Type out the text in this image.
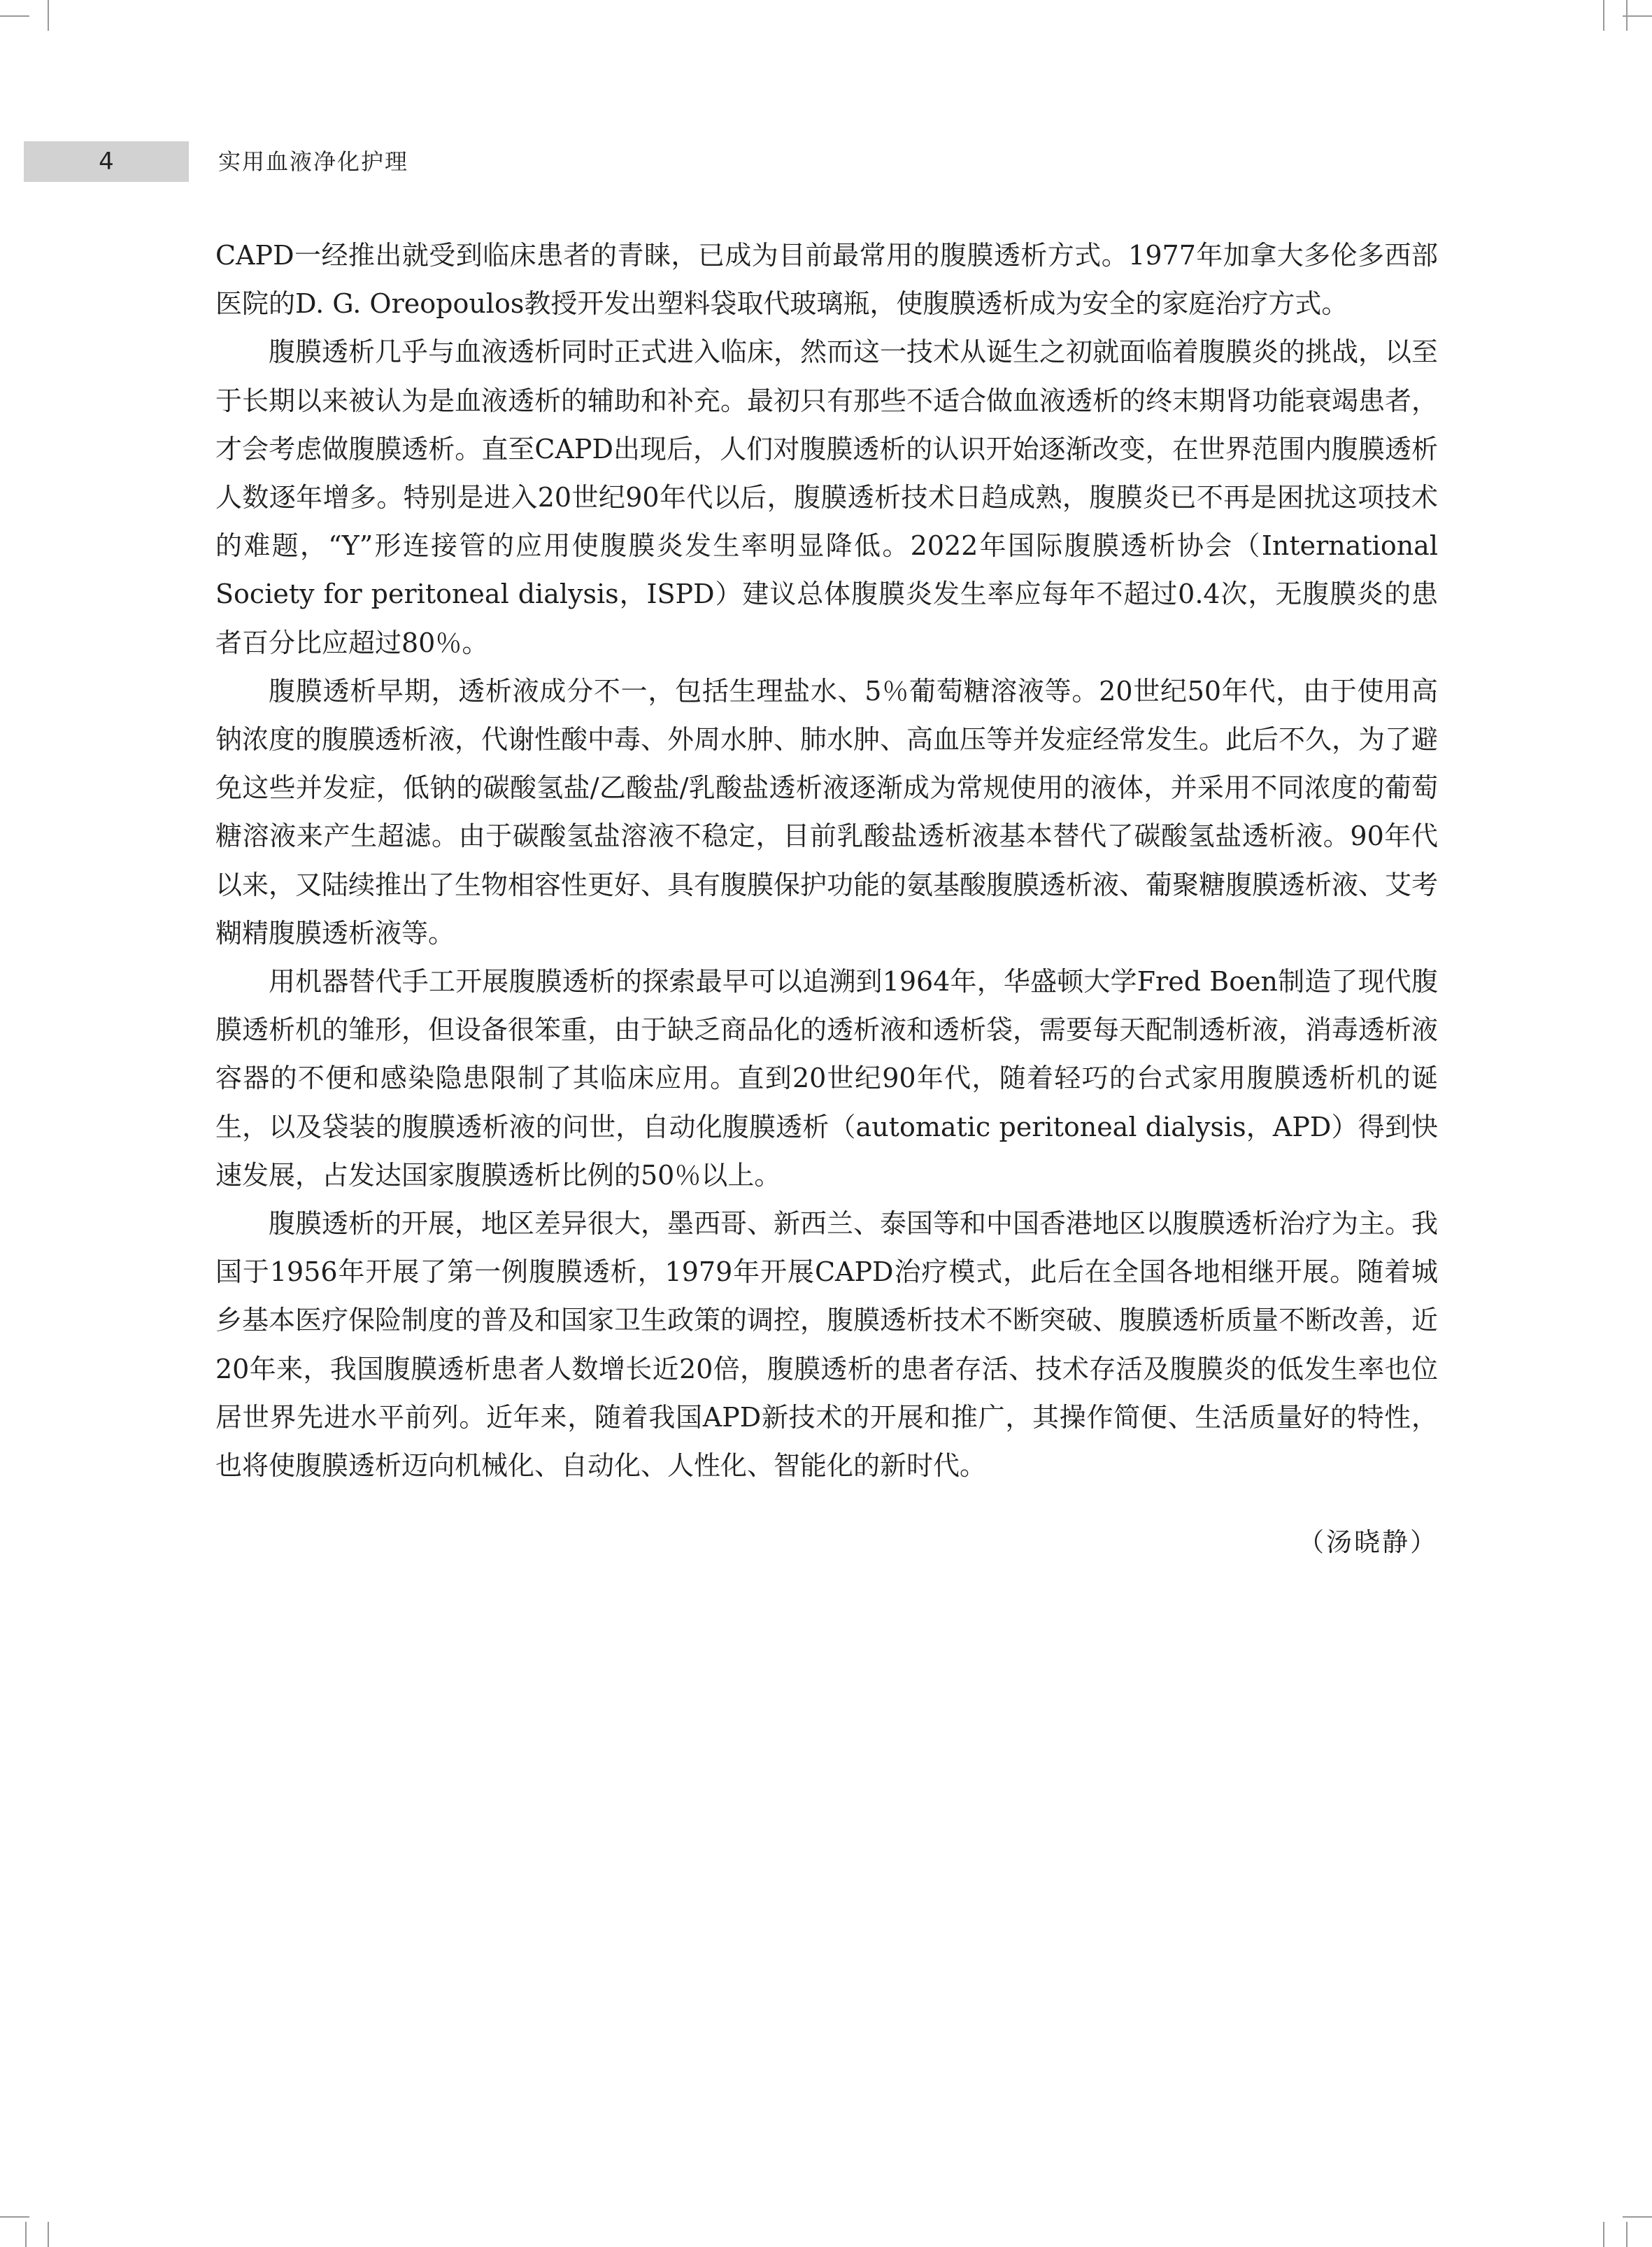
4	实用血液净化护理

CAPD一经推出就受到临床患者的青睐，已成为目前最常用的腹膜透析方式。1977年加拿大多伦多西部医院的D. G. Oreopoulos教授开发出塑料袋取代玻璃瓶，使腹膜透析成为安全的家庭治疗方式。

腹膜透析几乎与血液透析同时正式进入临床，然而这一技术从诞生之初就面临着腹膜炎的挑战，以至于长期以来被认为是血液透析的辅助和补充。最初只有那些不适合做血液透析的终末期肾功能衰竭患者，才会考虑做腹膜透析。直至CAPD出现后，人们对腹膜透析的认识开始逐渐改变，在世界范围内腹膜透析人数逐年增多。特别是进入20世纪90年代以后，腹膜透析技术日趋成熟，腹膜炎已不再是困扰这项技术的难题，“Y”形连接管的应用使腹膜炎发生率明显降低。2022年国际腹膜透析协会（International Society for peritoneal dialysis，ISPD）建议总体腹膜炎发生率应每年不超过0.4次，无腹膜炎的患者百分比应超过80％。

腹膜透析早期，透析液成分不一，包括生理盐水、5％葡萄糖溶液等。20世纪50年代，由于使用高钠浓度的腹膜透析液，代谢性酸中毒、外周水肿、肺水肿、高血压等并发症经常发生。此后不久，为了避免这些并发症，低钠的碳酸氢盐/乙酸盐/乳酸盐透析液逐渐成为常规使用的液体，并采用不同浓度的葡萄糖溶液来产生超滤。由于碳酸氢盐溶液不稳定，目前乳酸盐透析液基本替代了碳酸氢盐透析液。90年代以来，又陆续推出了生物相容性更好、具有腹膜保护功能的氨基酸腹膜透析液、葡聚糖腹膜透析液、艾考糊精腹膜透析液等。

用机器替代手工开展腹膜透析的探索最早可以追溯到1964年，华盛顿大学Fred Boen制造了现代腹膜透析机的雏形，但设备很笨重，由于缺乏商品化的透析液和透析袋，需要每天配制透析液，消毒透析液容器的不便和感染隐患限制了其临床应用。直到20世纪90年代，随着轻巧的台式家用腹膜透析机的诞生，以及袋装的腹膜透析液的问世，自动化腹膜透析（automatic peritoneal dialysis，APD）得到快速发展，占发达国家腹膜透析比例的50％以上。

腹膜透析的开展，地区差异很大，墨西哥、新西兰、泰国等和中国香港地区以腹膜透析治疗为主。我国于1956年开展了第一例腹膜透析，1979年开展CAPD治疗模式，此后在全国各地相继开展。随着城乡基本医疗保险制度的普及和国家卫生政策的调控，腹膜透析技术不断突破、腹膜透析质量不断改善，近20年来，我国腹膜透析患者人数增长近20倍，腹膜透析的患者存活、技术存活及腹膜炎的低发生率也位居世界先进水平前列。近年来，随着我国APD新技术的开展和推广，其操作简便、生活质量好的特性，也将使腹膜透析迈向机械化、自动化、人性化、智能化的新时代。

（汤晓静）
